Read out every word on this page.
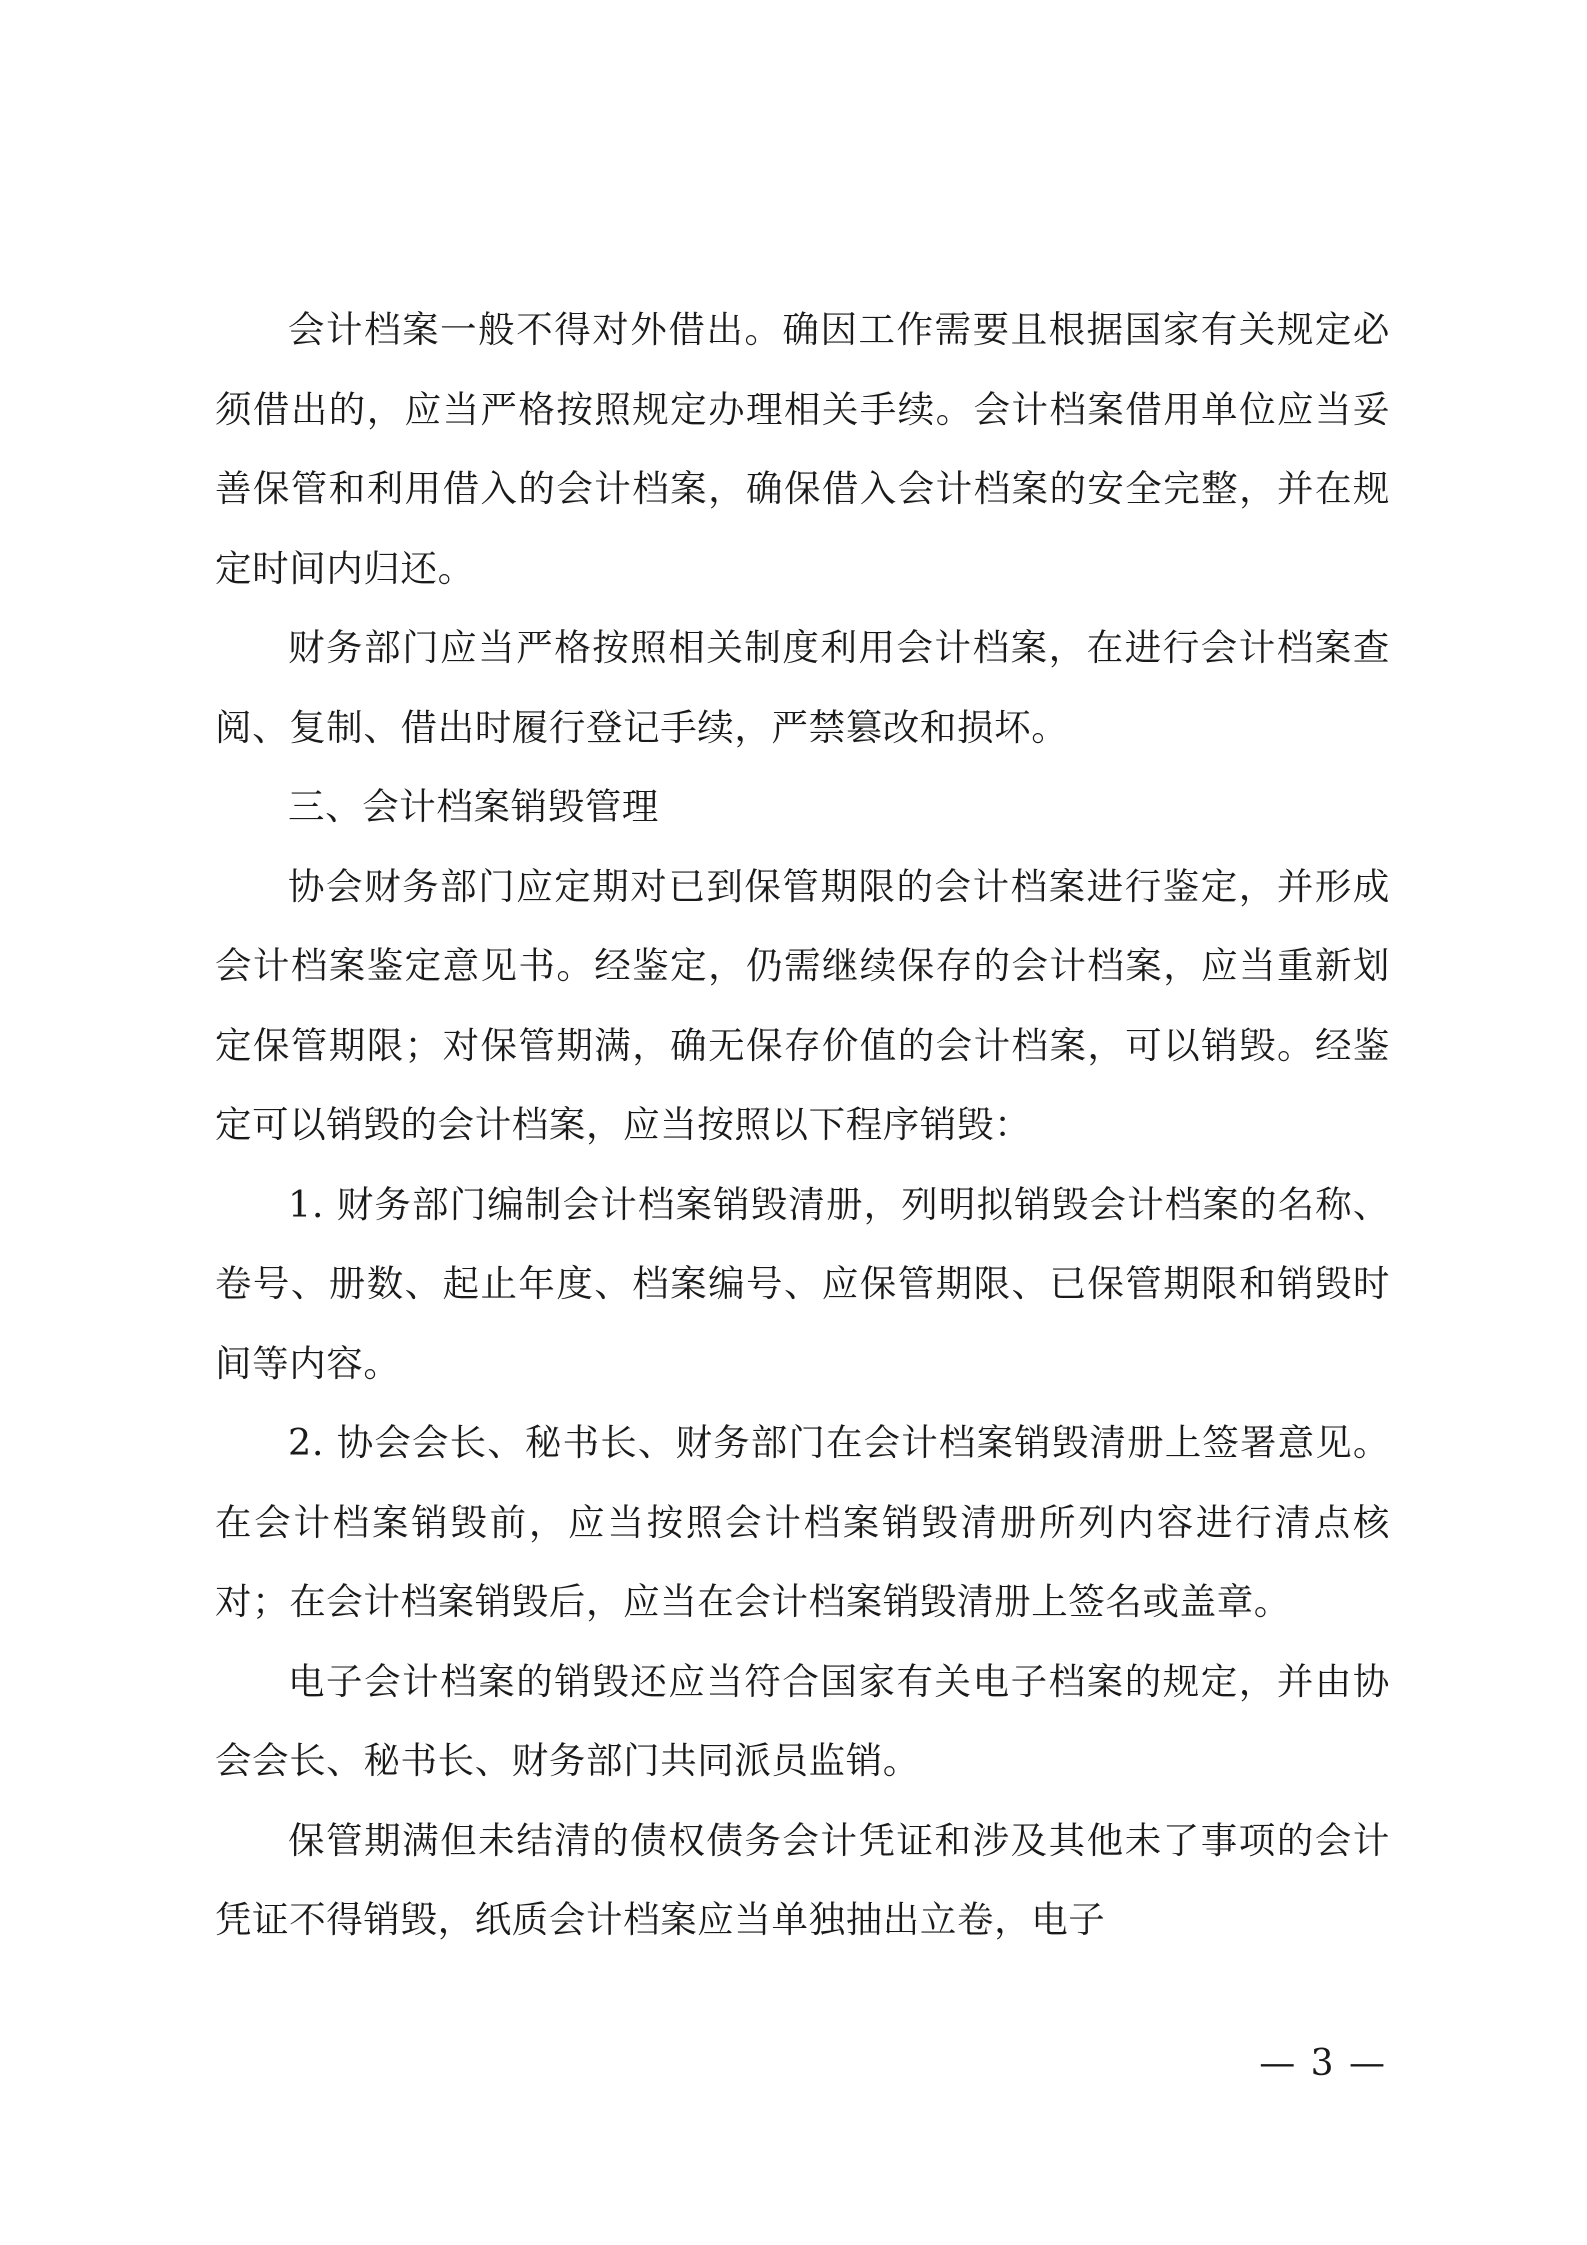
会计档案一般不得对外借出。确因工作需要且根据国家有关规定必须借出的，应当严格按照规定办理相关手续。会计档案借用单位应当妥善保管和利用借入的会计档案，确保借入会计档案的安全完整，并在规定时间内归还。

财务部门应当严格按照相关制度利用会计档案，在进行会计档案查阅、复制、借出时履行登记手续，严禁篡改和损坏。

三、会计档案销毁管理

协会财务部门应定期对已到保管期限的会计档案进行鉴定，并形成会计档案鉴定意见书。经鉴定，仍需继续保存的会计档案，应当重新划定保管期限；对保管期满，确无保存价值的会计档案，可以销毁。经鉴定可以销毁的会计档案，应当按照以下程序销毁：

1. 财务部门编制会计档案销毁清册，列明拟销毁会计档案的名称、卷号、册数、起止年度、档案编号、应保管期限、已保管期限和销毁时间等内容。

2. 协会会长、秘书长、财务部门在会计档案销毁清册上签署意见。在会计档案销毁前，应当按照会计档案销毁清册所列内容进行清点核对；在会计档案销毁后，应当在会计档案销毁清册上签名或盖章。

电子会计档案的销毁还应当符合国家有关电子档案的规定，并由协会会长、秘书长、财务部门共同派员监销。

保管期满但未结清的债权债务会计凭证和涉及其他未了事项的会计凭证不得销毁，纸质会计档案应当单独抽出立卷，电子

— 3 —
